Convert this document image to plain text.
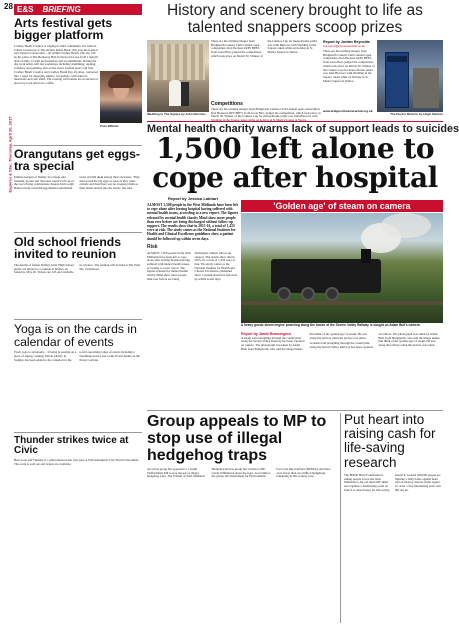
28
Express & Star, Thursday, April 20, 2017
E&S BRIEFING
Arts festival gets bigger platform
Cradley Heath Creative is staging its third community arts festival. Called 'Grassroots 3: The Artistic Rebel Back', this year the festival will expand to three sites – all within Cradley Heath. The site will be the plaza at The Holloway Hub in Newtown Lane from 11am till 5pm on May 13 with performances and art exhibitions. During the day local artists will run workshops including drumming, rapping, sculpture and painting. Out on the street, festival goers will find Cradley Heath Creative and Cradley Heath Pop-Up shop, converted into a stage for emerging singers, storytellers, with dancers, musicians and craft stalls. The evening will feature an art auction of pieces by local artists in a raffle.
Fran Willetts
Orangutans get eggs-tra special
Primate keepers at Dudley Zoo made sure Jazzmin, Sprout and Sprocket weren't left out of the zoo's Easter celebrations. Keeper Kim Leigh Hanser made colourful egg-themed enrichment treats and hid them among their enclosure. 'They discovered the big eggs as soon as they came outside and then there was no stopping them as their hands delved into the treats,' she said.
Old school friends invited to reunion
The details of former Dudley Girls' High School pupils are invited to a reunion at Dudley on Saturday, May 20. Tickets are £25 and available in advance. The reunion will be held at The Tally Ho, Castlemoor.
Yoga is on the cards in calendar of events
From yoga to astronomy – if being in posting on a piece of zigzag cooking, Pelton Library in Sedgley has been added to the calendar for the town's upcoming range of events including a lunchtime lecture and a talk. Event details on the library website.
Thunder strikes twice at Civic
Heat Lock and Thunder is a gifted musical duo who play at Wolverhampton Civic Hall in December. The event is sold out and tickets are available.
History and scenery brought to life as talented snappers scoop prizes
Wedding in The Square by John Burrows
These are the winning images from Bridgnorth Camera Club's annual open competition. Ron Hodson LRPS BPE3, from Great Barr, judged the competition, which took place on March 30. Winner of the Cameos Cup for monochrome prints was John Burrows with Wedding in the Square, taken while on holiday in St Mark's Square in Venice.
Competitions
These are the winning images from Bridgnorth Camera Club's annual open competition. Ron Hodson LRPS BPE3, from Great Barr, judged the competition, which took place on March 30. Winner of the Cameos Cup for monochrome prints was John Burrows with
Report by Jordan Reynolds
ess.report@expressandstar.co.uk
These are the winning images from Bridgnorth Camera Club's annual open competition. Ron Hodson LRPS BPE3, from Great Barr, judged the competition, which took place on March 30. Winner of the Cameos Cup for monochrome prints was John Burrows with Wedding in the Square, taken while on holiday in St Mark's Square in Venice.
www.bridgnorthcameraclub.org.uk
The Doctor Returns by Hugh Stenton
Mental health charity warns lack of support leads to suicides
1,500 left alone to cope after hospital
Report by Jessica Labhart
ALMOST 1,500 people in the West Midlands have been left to cope alone after leaving hospital having suffered with mental health issues, according to a new report. The figures released by mental health charity Mind show more people than ever before are being discharged without follow-up support. The results show that in 2015-16, a total of 1,433 were at risk. The study comes as the National Institute for Health and Clinical Excellence guidelines show a patient should be followed up within seven days.
Risk
ALMOST 1,500 people in the West Midlands have been left to cope alone after leaving hospital having suffered with mental health issues, according to a new report. The figures released by mental health charity Mind show more people than ever before are being discharged without follow-up support. The results show that in 2015-16, a total of 1,433 were at risk. The study comes as the National Institute for Health and Clinical Excellence guidelines show a patient should be followed up within seven days.
'Golden age' of steam on camera
A heavy goods steam engine powering along the tracks of the Severn Valley Railway is caught on Adam Bull's camera
Report by Jamie Brassington
A steam train ploughing through the countryside along the Severn Valley Railway has been captured on camera. The photograph was taken by Adam Bull, from Bridgnorth, who said the image makes him think of the 'golden age' of steam. He was along the railway when the picture was taken.
A steam train ploughing through the countryside along the Severn Valley Railway has been captured on camera. The photograph was taken by Adam Bull, from Bridgnorth, who said the image makes him think of the 'golden age' of steam. He was along the railway when the picture was taken.
Group appeals to MP to stop use of illegal hedgehog traps
An action group has appealed to a South Staffordshire MP to stop the use of illegal hedgehog traps. The Friends of West Midlands Hedgehog Rescue group has written to MP Gavin Williamson about the traps. According to the group, the Department for Environment, Food and Rural Affairs (DEFRA) said there were fewer than two million hedgehogs remaining in this country now.
Put heart into raising cash for life-saving research
The British Heart Foundation is asking people across the West Midlands to dig out their DIY skills and organise a fundraising event on June 9 to raise money for life-saving research. Around 420,000 people are fighting a daily battle against heart and circulatory disease in the region. To order a free fundraising pack visit bhf.org.uk.
